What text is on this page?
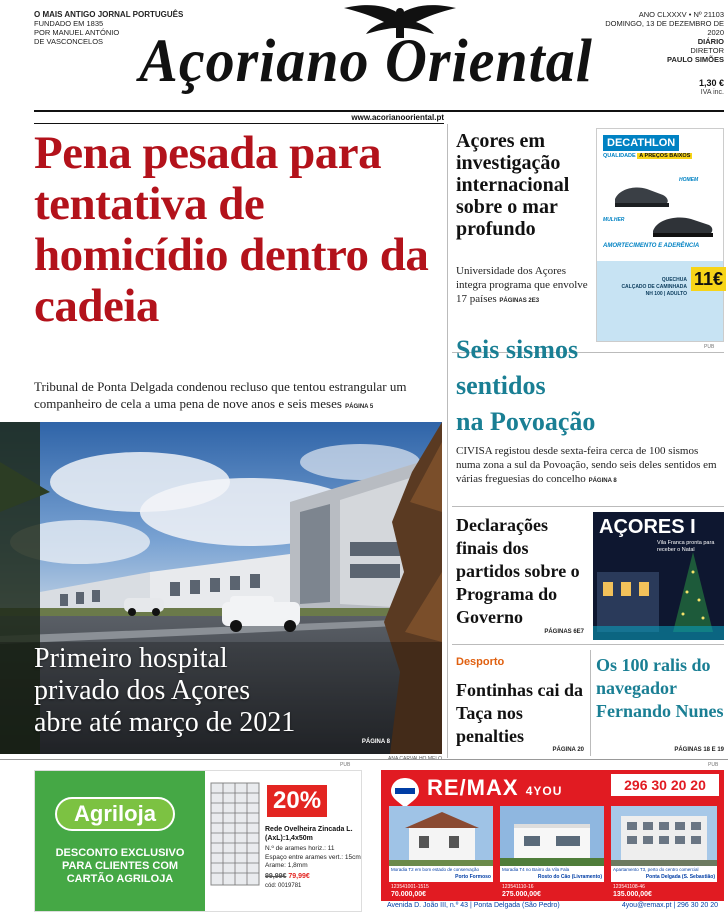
O MAIS ANTIGO JORNAL PORTUGUÊS
FUNDADO EM 1835
POR MANUEL ANTÓNIO
DE VASCONCELOS Açoriano Oriental
ANO CLXXXV • Nº 21103
DOMINGO, 13 DE DEZEMBRO DE 2020
DIÁRIO
DIRETOR
PAULO SIMÕES
1,30 €
IVA inc.
www.acorianooriental.pt
Pena pesada para tentativa de homicídio dentro da cadeia
Tribunal de Ponta Delgada condenou recluso que tentou estrangular um companheiro de cela a uma pena de nove anos e seis meses PÁGINA 5
Primeiro hospital
privado dos Açores
abre até março de 2021
PÁGINA 8
Açores em investigação internacional sobre o mar profundo
Universidade dos Açores integra programa que envolve 17 países PÁGINAS 2E3
DECATHLON
QUALIDADE A PREÇOS BAIXOS
HOMEM
MULHER
AMORTECIMENTO E ADERÊNCIA
11€
QUECHUA
CALÇADO DE CAMINHADA
NH 100 | ADULTO
PUB
Seis sismos
sentidos
na Povoação
CIVISA registou desde sexta-feira cerca de 100 sismos numa zona a sul da Povoação, sendo seis deles sentidos em várias freguesias do concelho PÁGINA 8
Declarações finais dos partidos sobre o Programa do Governo
PÁGINAS 6E7
AÇORES I
Vila Franca pronta para receber o Natal
Desporto
Fontinhas cai da Taça nos penalties
PÁGINA 20
Os 100 ralis do navegador Fernando Nunes
PÁGINAS 18 E 19
PUB
Agriloja
DESCONTO EXCLUSIVO
PARA CLIENTES COM
CARTÃO AGRILOJA
20%
Rede Ovelheira Zincada L. (AxL):1,4x50m
N.º de arames horiz.: 11
Espaço entre arames vert.: 15cm
Arame: 1,8mm
99,99€ 79,99€
cód: 0019781
PUB
RE/MAX 4YOU	296 30 20 20
Moradia T2 em bom estado de conservação
Porto Formoso
123541001-1515
70.000,00€
Moradia T4 no Bairro da Vila Fala
Rosto do Cão (Livramento)
123541110-16
275.000,00€
Apartamento T3, perto do centro comercial
Ponta Delgada (S. Sebastião)
123541108-46
135.000,00€
Avenida D. João III, n.º 43 | Ponta Delgada (São Pedro)	4you@remax.pt | 296 30 20 20
